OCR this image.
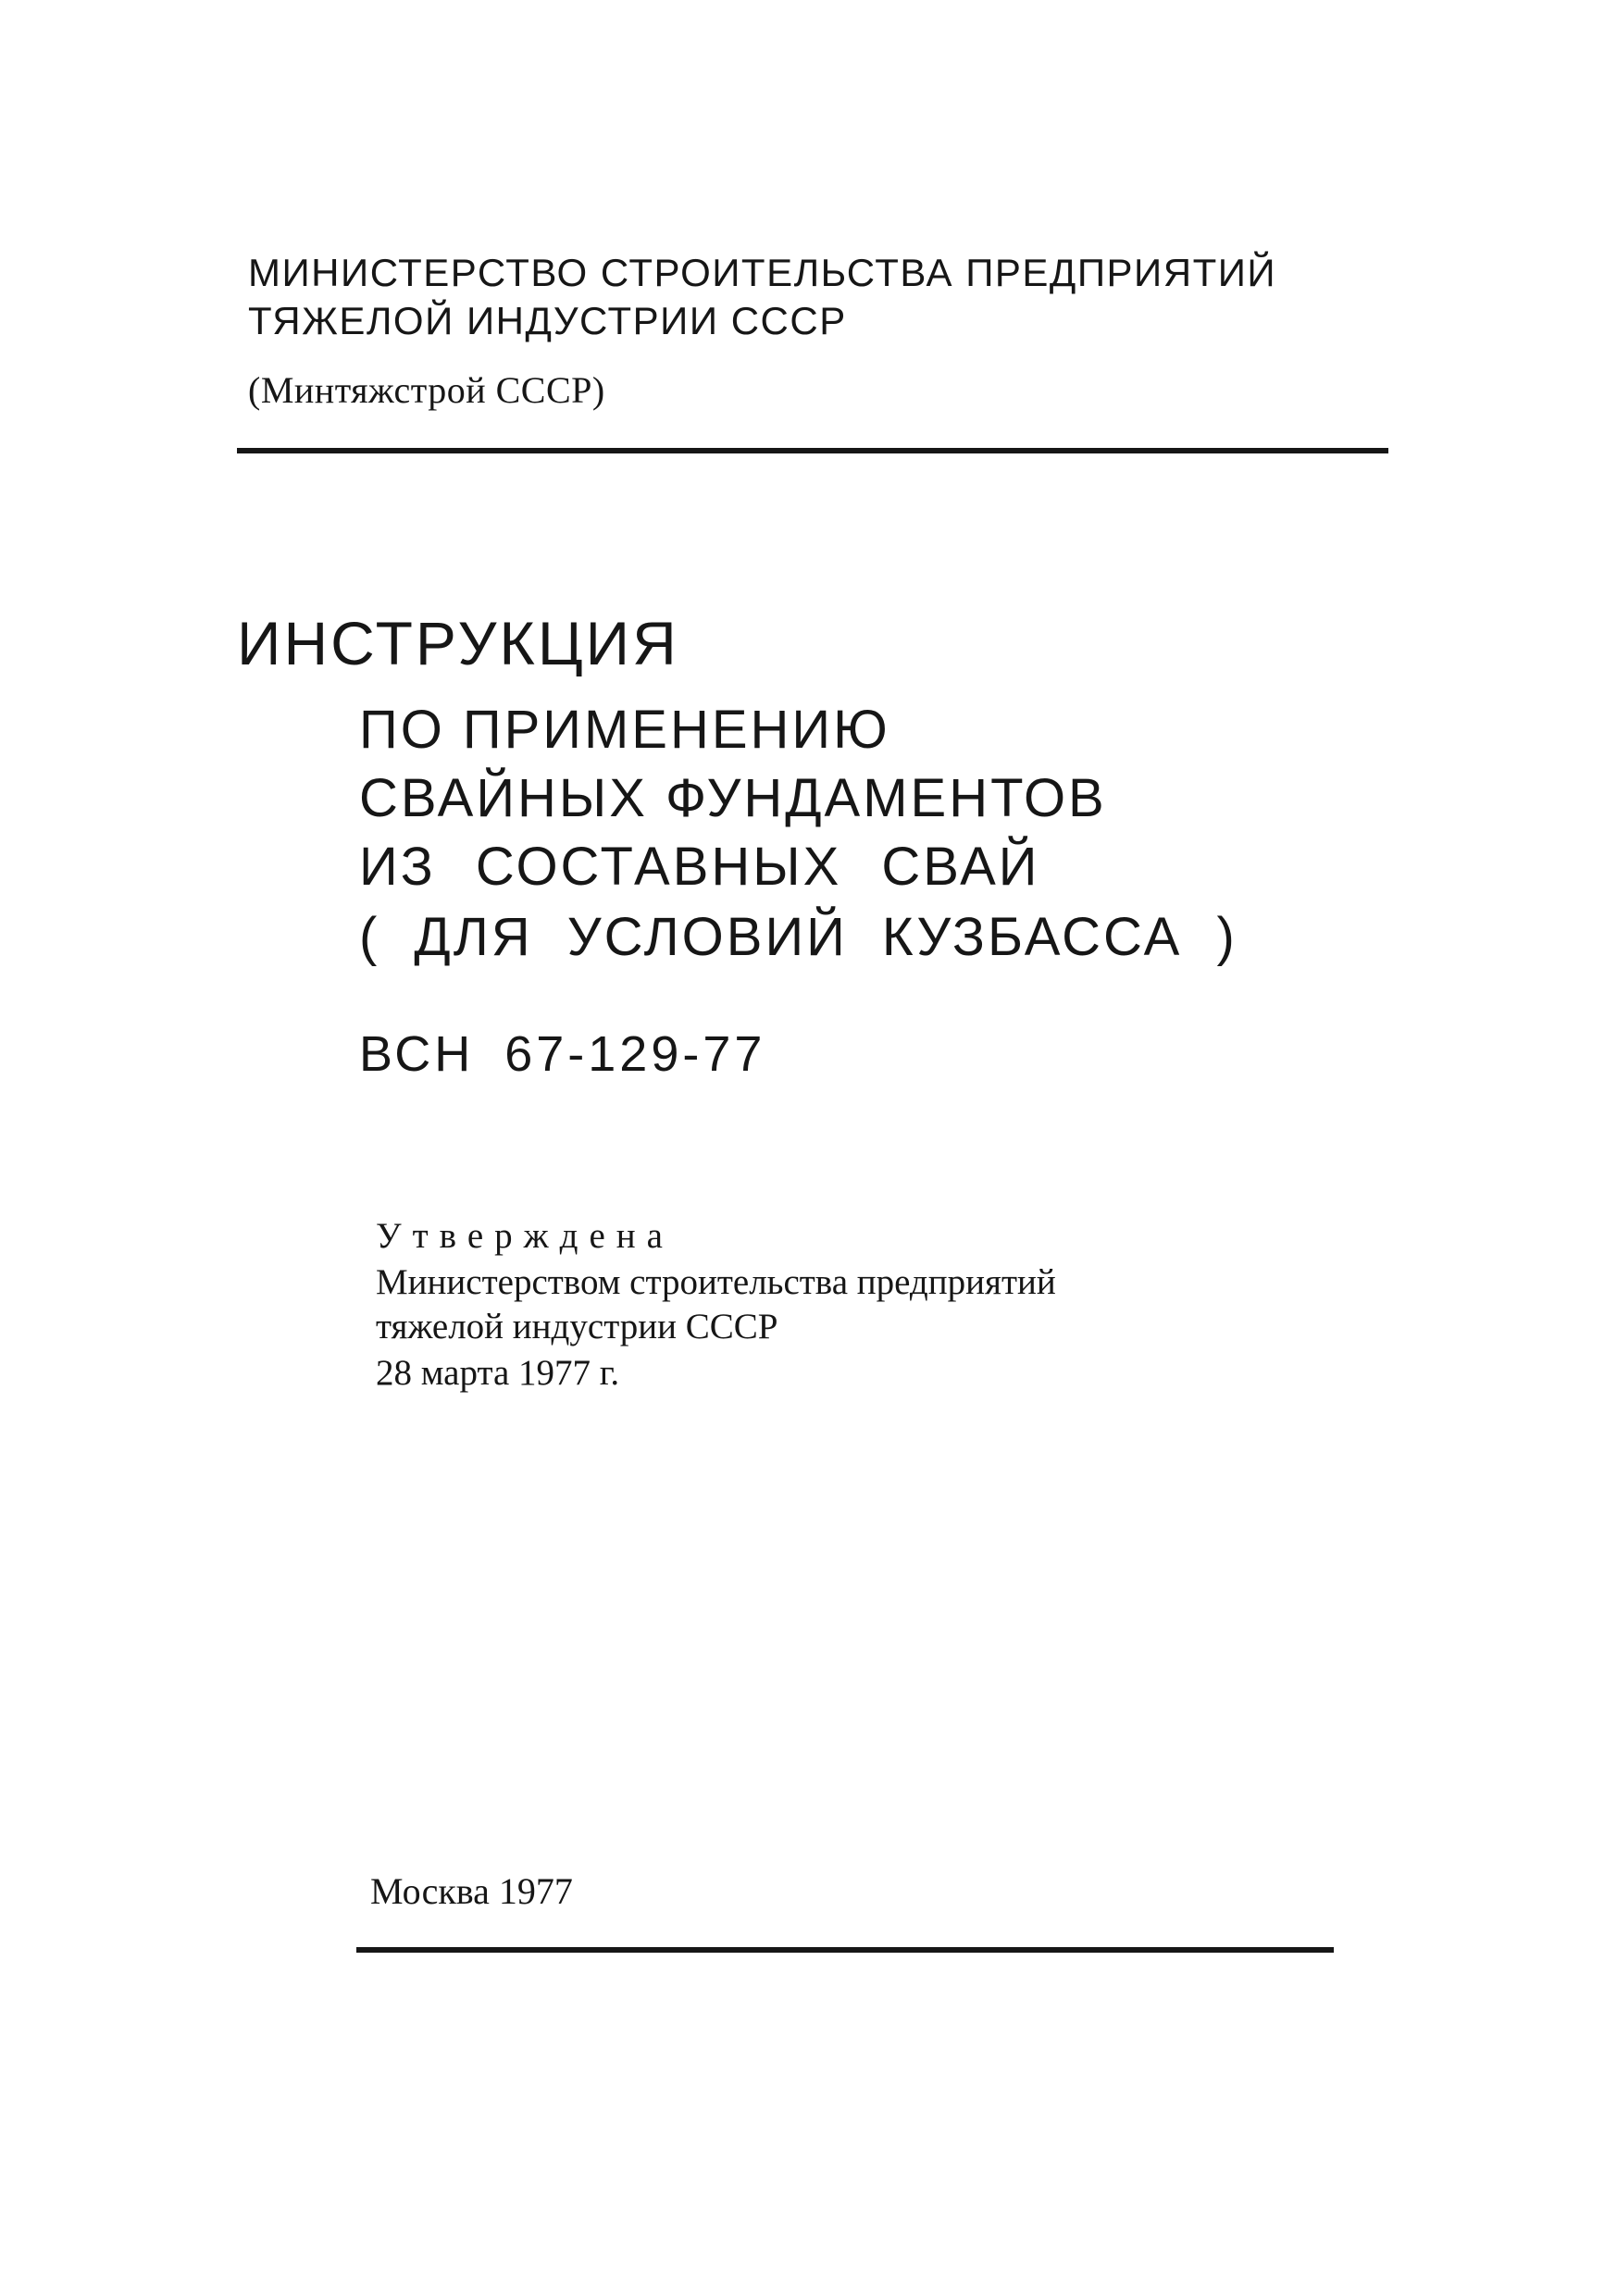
МИНИСТЕРСТВО СТРОИТЕЛЬСТВА ПРЕДПРИЯТИЙ
ТЯЖЕЛОЙ ИНДУСТРИИ СССР
(Минтяжстрой СССР)
ИНСТРУКЦИЯ
ПО ПРИМЕНЕНИЮ
СВАЙНЫХ ФУНДАМЕНТОВ
ИЗ СОСТАВНЫХ СВАЙ
( ДЛЯ УСЛОВИЙ КУЗБАССА )
ВСН 67-129-77
Утверждена
Министерством строительства предприятий
тяжелой индустрии СССР
28 марта 1977 г.
Москва 1977
